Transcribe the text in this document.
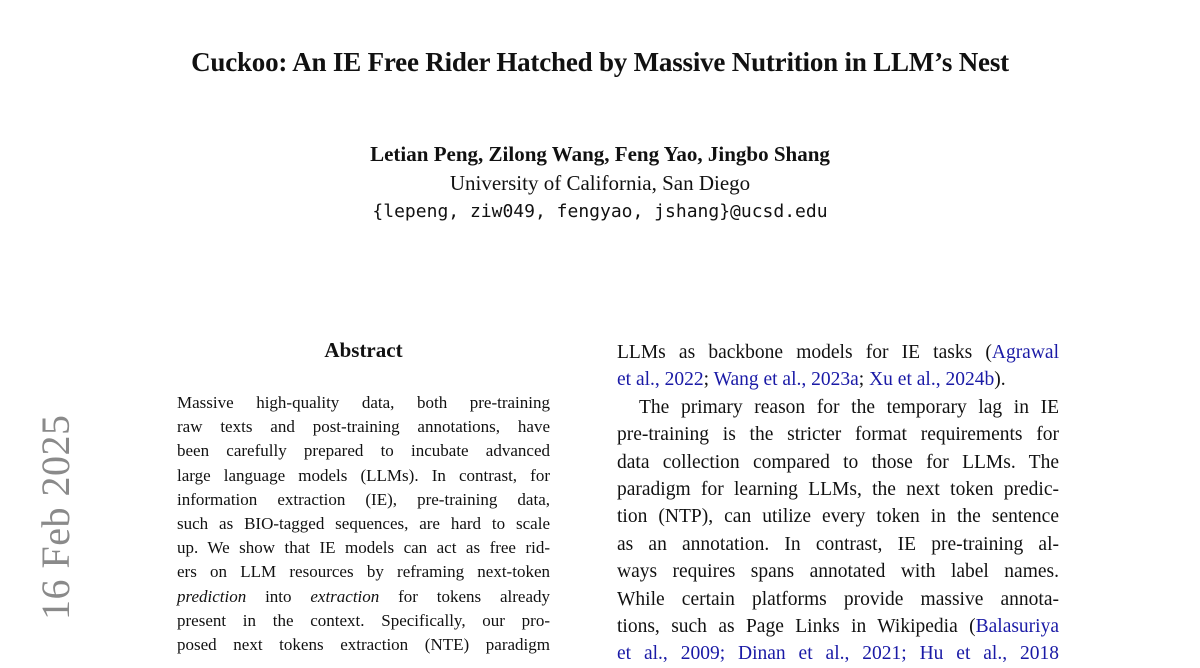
Cuckoo: An IE Free Rider Hatched by Massive Nutrition in LLM’s Nest
Letian Peng, Zilong Wang, Feng Yao, Jingbo Shang
University of California, San Diego
{lepeng, ziw049, fengyao, jshang}@ucsd.edu
16 Feb 2025
Abstract
Massive high-quality data, both pre-training
raw texts and post-training annotations, have
been carefully prepared to incubate advanced
large language models (LLMs). In contrast, for
information extraction (IE), pre-training data,
such as BIO-tagged sequences, are hard to scale
up. We show that IE models can act as free rid-
ers on LLM resources by reframing next-token
prediction into extraction for tokens already
present in the context. Specifically, our pro-
posed next tokens extraction (NTE) paradigm
LLMs as backbone models for IE tasks (Agrawal
et al., 2022; Wang et al., 2023a; Xu et al., 2024b).
The primary reason for the temporary lag in IE
pre-training is the stricter format requirements for
data collection compared to those for LLMs. The
paradigm for learning LLMs, the next token predic-
tion (NTP), can utilize every token in the sentence
as an annotation. In contrast, IE pre-training al-
ways requires spans annotated with label names.
While certain platforms provide massive annota-
tions, such as Page Links in Wikipedia (Balasuriya
et al., 2009; Dinan et al., 2021; Hu et al., 2018
